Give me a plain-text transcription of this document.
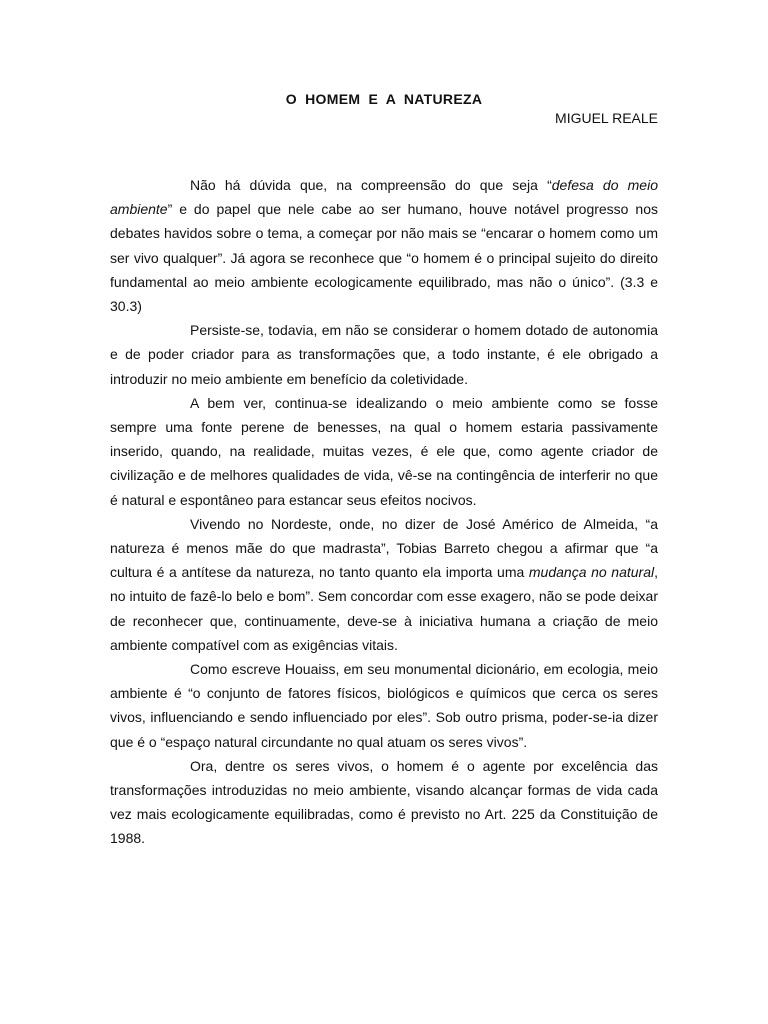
O HOMEM E A NATUREZA

MIGUEL REALE

Não há dúvida que, na compreensão do que seja “defesa do meio ambiente” e do papel que nele cabe ao ser humano, houve notável progresso nos debates havidos sobre o tema, a começar por não mais se “encarar o homem como um ser vivo qualquer”. Já agora se reconhece que “o homem é o principal sujeito do direito fundamental ao meio ambiente ecologicamente equilibrado, mas não o único”. (3.3 e 30.3)

Persiste-se, todavia, em não se considerar o homem dotado de autonomia e de poder criador para as transformações que, a todo instante, é ele obrigado a introduzir no meio ambiente em benefício da coletividade.

A bem ver, continua-se idealizando o meio ambiente como se fosse sempre uma fonte perene de benesses, na qual o homem estaria passivamente inserido, quando, na realidade, muitas vezes, é ele que, como agente criador de civilização e de melhores qualidades de vida, vê-se na contingência de interferir no que é natural e espontâneo para estancar seus efeitos nocivos.

Vivendo no Nordeste, onde, no dizer de José Américo de Almeida, “a natureza é menos mãe do que madrasta”, Tobias Barreto chegou a afirmar que “a cultura é a antítese da natureza, no tanto quanto ela importa uma mudança no natural, no intuito de fazê-lo belo e bom”. Sem concordar com esse exagero, não se pode deixar de reconhecer que, continuamente, deve-se à iniciativa humana a criação de meio ambiente compatível com as exigências vitais.

Como escreve Houaiss, em seu monumental dicionário, em ecologia, meio ambiente é “o conjunto de fatores físicos, biológicos e químicos que cerca os seres vivos, influenciando e sendo influenciado por eles”. Sob outro prisma, poder-se-ia dizer que é o “espaço natural circundante no qual atuam os seres vivos”.

Ora, dentre os seres vivos, o homem é o agente por excelência das transformações introduzidas no meio ambiente, visando alcançar formas de vida cada vez mais ecologicamente equilibradas, como é previsto no Art. 225 da Constituição de 1988.
